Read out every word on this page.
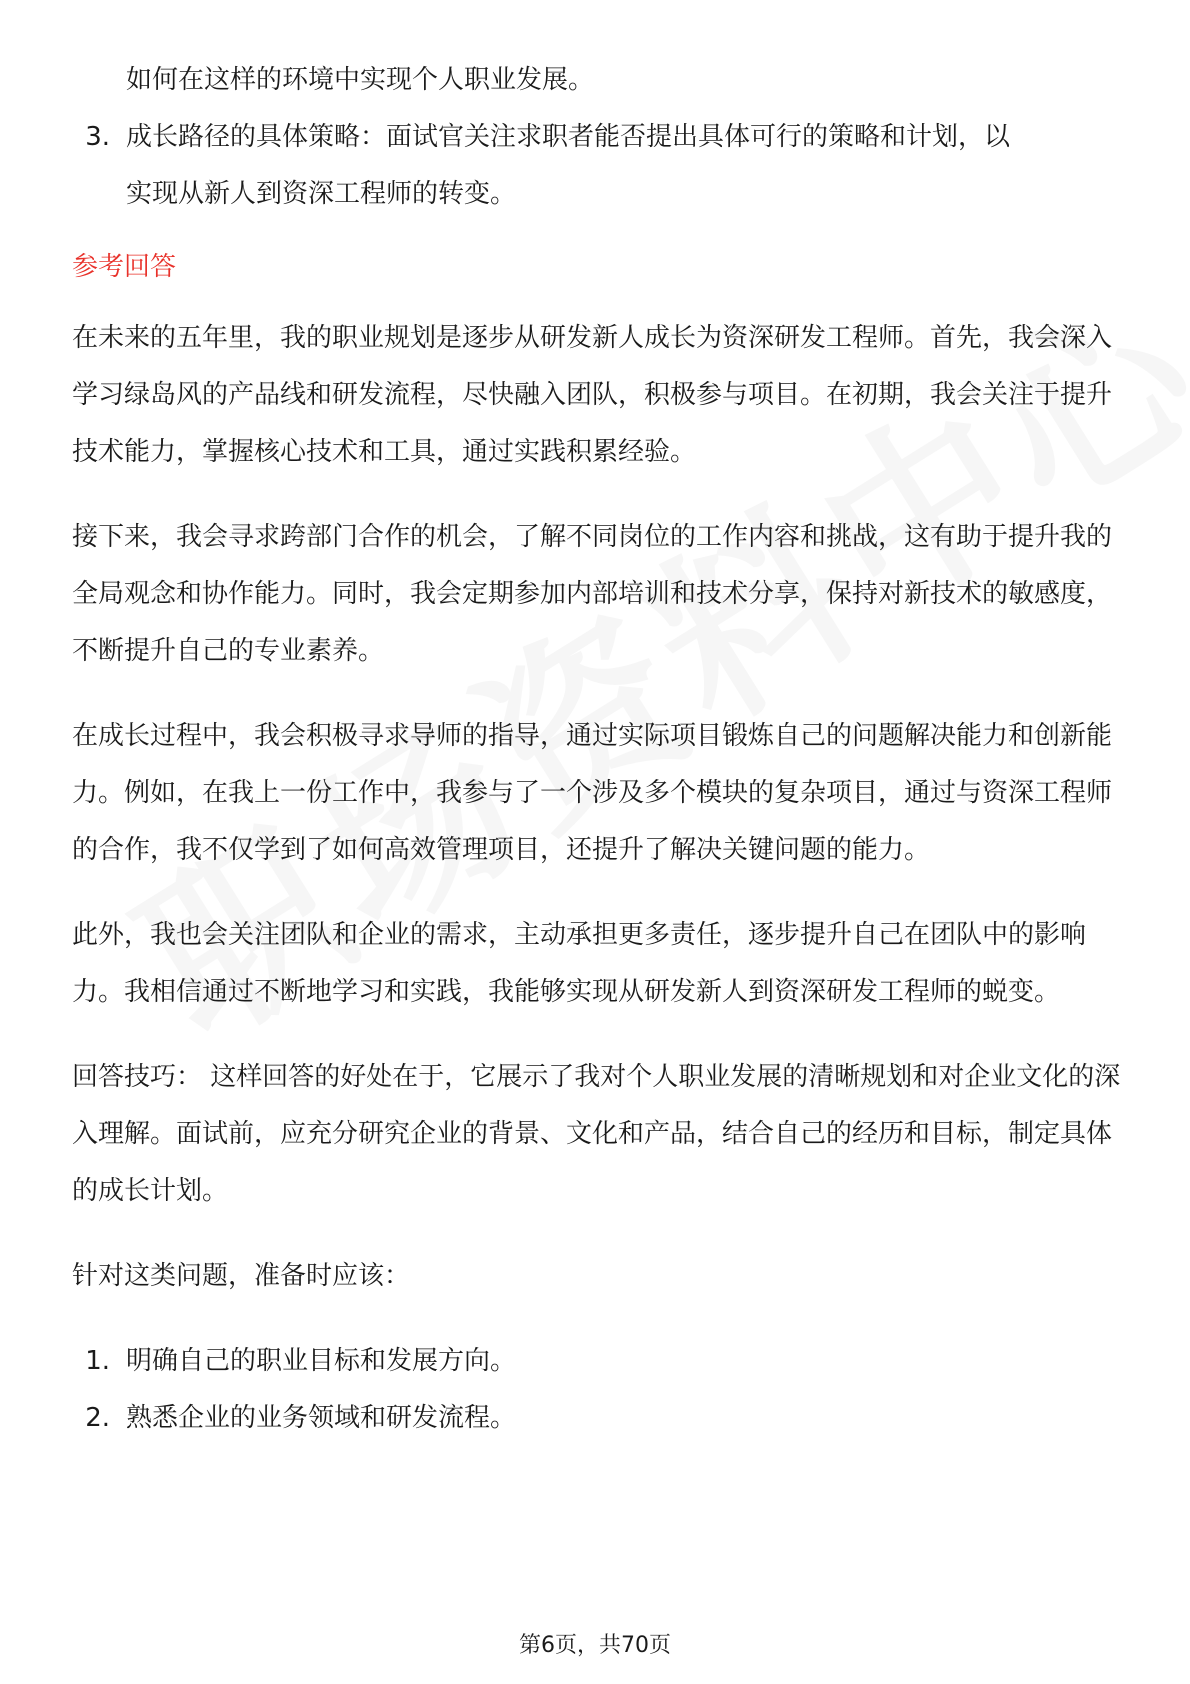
如何在这样的环境中实现个人职业发展。
3. 成长路径的具体策略：面试官关注求职者能否提出具体可行的策略和计划，以
实现从新人到资深工程师的转变。
参考回答

在未来的五年里，我的职业规划是逐步从研发新人成长为资深研发工程师。首先，我会深入学习绿岛风的产品线和研发流程，尽快融入团队，积极参与项目。在初期，我会关注于提升技术能力，掌握核心技术和工具，通过实践积累经验。

接下来，我会寻求跨部门合作的机会，了解不同岗位的工作内容和挑战，这有助于提升我的全局观念和协作能力。同时，我会定期参加内部培训和技术分享，保持对新技术的敏感度，不断提升自己的专业素养。

在成长过程中，我会积极寻求导师的指导，通过实际项目锻炼自己的问题解决能力和创新能力。例如，在我上一份工作中，我参与了一个涉及多个模块的复杂项目，通过与资深工程师的合作，我不仅学到了如何高效管理项目，还提升了解决关键问题的能力。

此外，我也会关注团队和企业的需求，主动承担更多责任，逐步提升自己在团队中的影响力。我相信通过不断地学习和实践，我能够实现从研发新人到资深研发工程师的蜕变。

回答技巧： 这样回答的好处在于，它展示了我对个人职业发展的清晰规划和对企业文化的深入理解。面试前，应充分研究企业的背景、文化和产品，结合自己的经历和目标，制定具体的成长计划。

针对这类问题，准备时应该：

1. 明确自己的职业目标和发展方向。
2. 熟悉企业的业务领域和研发流程。
第6页，共70页
